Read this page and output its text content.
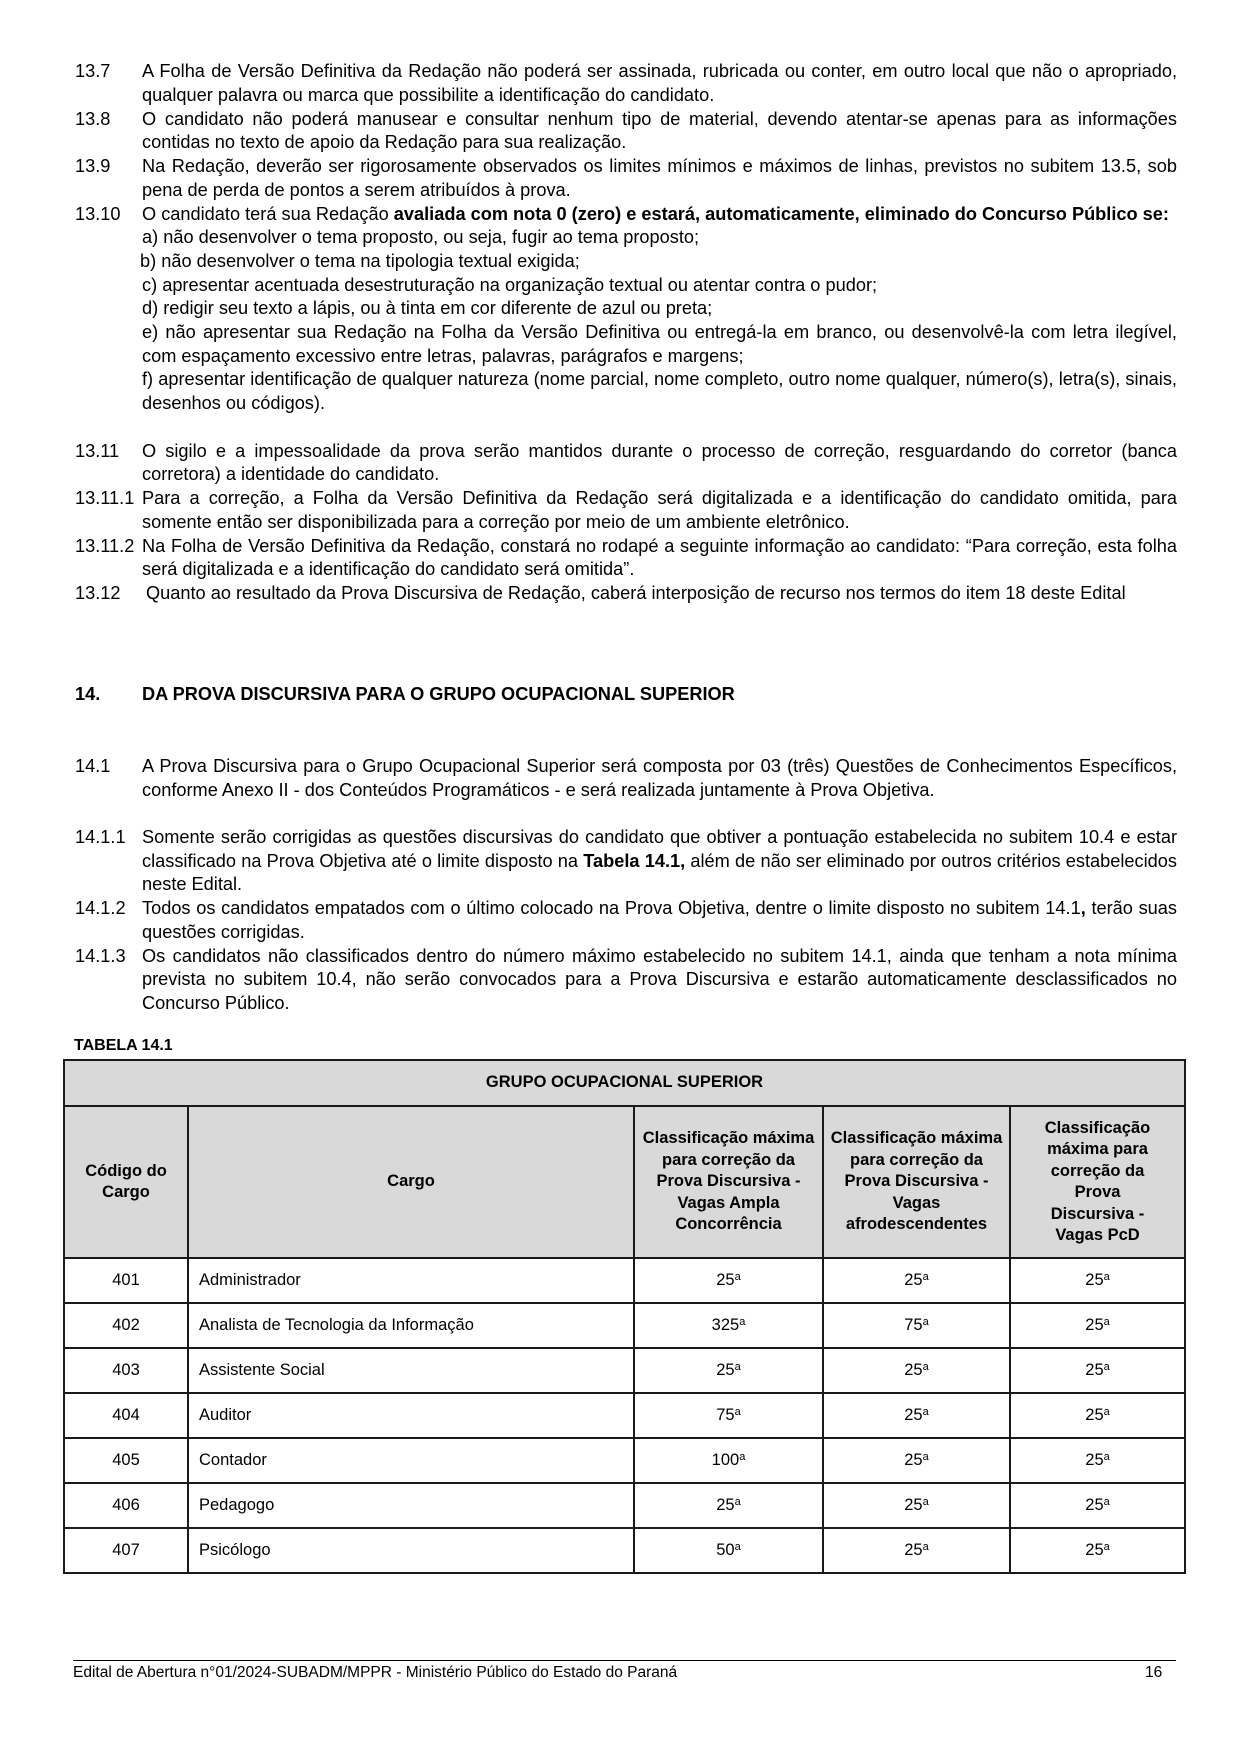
13.7 A Folha de Versão Definitiva da Redação não poderá ser assinada, rubricada ou conter, em outro local que não o apropriado, qualquer palavra ou marca que possibilite a identificação do candidato.
13.8 O candidato não poderá manusear e consultar nenhum tipo de material, devendo atentar-se apenas para as informações contidas no texto de apoio da Redação para sua realização.
13.9 Na Redação, deverão ser rigorosamente observados os limites mínimos e máximos de linhas, previstos no subitem 13.5, sob pena de perda de pontos a serem atribuídos à prova.
13.10 O candidato terá sua Redação avaliada com nota 0 (zero) e estará, automaticamente, eliminado do Concurso Público se:
a) não desenvolver o tema proposto, ou seja, fugir ao tema proposto;
b) não desenvolver o tema na tipologia textual exigida;
c) apresentar acentuada desestruturação na organização textual ou atentar contra o pudor;
d) redigir seu texto a lápis, ou à tinta em cor diferente de azul ou preta;
e) não apresentar sua Redação na Folha da Versão Definitiva ou entregá-la em branco, ou desenvolvê-la com letra ilegível, com espaçamento excessivo entre letras, palavras, parágrafos e margens;
f) apresentar identificação de qualquer natureza (nome parcial, nome completo, outro nome qualquer, número(s), letra(s), sinais, desenhos ou códigos).
13.11 O sigilo e a impessoalidade da prova serão mantidos durante o processo de correção, resguardando do corretor (banca corretora) a identidade do candidato.
13.11.1 Para a correção, a Folha da Versão Definitiva da Redação será digitalizada e a identificação do candidato omitida, para somente então ser disponibilizada para a correção por meio de um ambiente eletrônico.
13.11.2 Na Folha de Versão Definitiva da Redação, constará no rodapé a seguinte informação ao candidato: “Para correção, esta folha será digitalizada e a identificação do candidato será omitida”.
13.12 Quanto ao resultado da Prova Discursiva de Redação, caberá interposição de recurso nos termos do item 18 deste Edital
14. DA PROVA DISCURSIVA PARA O GRUPO OCUPACIONAL SUPERIOR
14.1 A Prova Discursiva para o Grupo Ocupacional Superior será composta por 03 (três) Questões de Conhecimentos Específicos, conforme Anexo II - dos Conteúdos Programáticos - e será realizada juntamente à Prova Objetiva.
14.1.1 Somente serão corrigidas as questões discursivas do candidato que obtiver a pontuação estabelecida no subitem 10.4 e estar classificado na Prova Objetiva até o limite disposto na Tabela 14.1, além de não ser eliminado por outros critérios estabelecidos neste Edital.
14.1.2 Todos os candidatos empatados com o último colocado na Prova Objetiva, dentre o limite disposto no subitem 14.1, terão suas questões corrigidas.
14.1.3 Os candidatos não classificados dentro do número máximo estabelecido no subitem 14.1, ainda que tenham a nota mínima prevista no subitem 10.4, não serão convocados para a Prova Discursiva e estarão automaticamente desclassificados no Concurso Público.
TABELA 14.1
GRUPO OCUPACIONAL SUPERIOR				
Código do Cargo	Cargo	Classificação máxima para correção da Prova Discursiva - Vagas Ampla Concorrência	Classificação máxima para correção da Prova Discursiva - Vagas afrodescendentes	Classificação máxima para correção da Prova Discursiva - Vagas PcD
401	Administrador	25$^a$	25$^a$	25$^a$
402	Analista de Tecnologia da Informação	325$^a$	75$^a$	25$^a$
403	Assistente Social	25$^a$	25$^a$	25$^a$
404	Auditor	75$^a$	25$^a$	25$^a$
405	Contador	100$^a$	25$^a$	25$^a$
406	Pedagogo	25$^a$	25$^a$	25$^a$
407	Psicólogo	50$^a$	25$^a$	25$^a$
Edital de Abertura n°01/2024-SUBADM/MPPR - Ministério Público do Estado do Paraná	16
